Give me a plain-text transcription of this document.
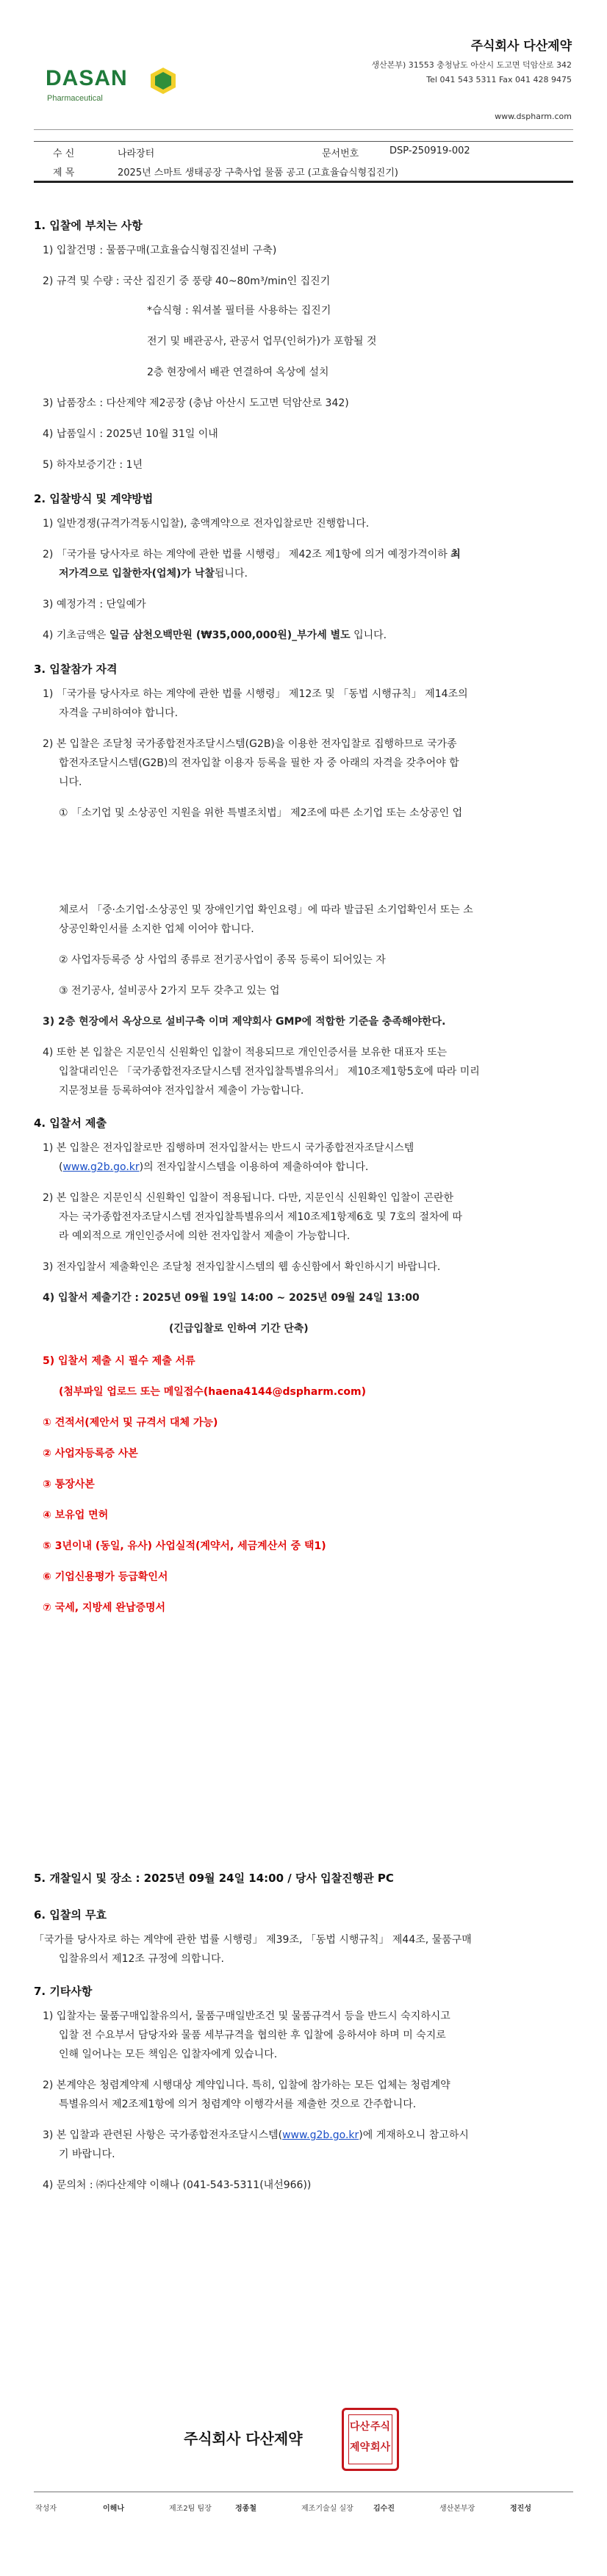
DASAN
Pharmaceutical
주식회사 다산제약
생산본부) 31553 충청남도 아산시 도고면 덕암산로 342
Tel 041 543 5311 Fax 041 428 9475
www.dspharm.com
수 신	나라장터	문서번호	DSP-250919-002
제 목	2025년 스마트 생태공장 구축사업 물품 공고 (고효율습식형집진기)
1. 입찰에 부치는 사항
1) 입찰건명 : 물품구매(고효율습식형집진설비 구축)
2) 규격 및 수량 : 국산 집진기 중 풍량 40~80m³/min인 집진기
*습식형 : 워셔볼 필터를 사용하는 집진기
전기 및 배관공사, 관공서 업무(인허가)가 포함될 것
2층 현장에서 배관 연결하여 옥상에 설치
3) 납품장소 : 다산제약 제2공장 (충남 아산시 도고면 덕암산로 342)
4) 납품일시 : 2025년 10월 31일 이내
5) 하자보증기간 : 1년
2. 입찰방식 및 계약방법
1) 일반경쟁(규격가격동시입찰), 총액계약으로 전자입찰로만 진행합니다.
2) 「국가를 당사자로 하는 계약에 관한 법률 시행령」 제42조 제1항에 의거 예정가격이하 최
저가격으로 입찰한자(업체)가 낙찰됩니다.
3) 예정가격 : 단일예가
4) 기초금액은 일금 삼천오백만원 (₩35,000,000원)_부가세 별도 입니다.
3. 입찰참가 자격
1) 「국가를 당사자로 하는 계약에 관한 법률 시행령」 제12조 및 「동법 시행규칙」 제14조의
자격을 구비하여야 합니다.
2) 본 입찰은 조달청 국가종합전자조달시스템(G2B)을 이용한 전자입찰로 집행하므로 국가종
합전자조달시스템(G2B)의 전자입찰 이용자 등록을 필한 자 중 아래의 자격을 갖추어야 합
니다.
① 「소기업 및 소상공인 지원을 위한 특별조치법」 제2조에 따른 소기업 또는 소상공인 업
체로서 「중·소기업·소상공인 및 장애인기업 확인요령」에 따라 발급된 소기업확인서 또는 소
상공인확인서를 소지한 업체 이어야 합니다.
② 사업자등록증 상 사업의 종류로 전기공사업이 종목 등록이 되어있는 자
③ 전기공사, 설비공사 2가지 모두 갖추고 있는 업
3) 2층 현장에서 옥상으로 설비구축 이며 제약회사 GMP에 적합한 기준을 충족해야한다.
4) 또한 본 입찰은 지문인식 신원확인 입찰이 적용되므로 개인인증서를 보유한 대표자 또는
입찰대리인은 「국가종합전자조달시스템 전자입찰특별유의서」 제10조제1항5호에 따라 미리
지문정보를 등록하여야 전자입찰서 제출이 가능합니다.
4. 입찰서 제출
1) 본 입찰은 전자입찰로만 집행하며 전자입찰서는 반드시 국가종합전자조달시스템
(www.g2b.go.kr)의 전자입찰시스템을 이용하여 제출하여야 합니다.
2) 본 입찰은 지문인식 신원확인 입찰이 적용됩니다. 다만, 지문인식 신원확인 입찰이 곤란한
자는 국가종합전자조달시스템 전자입찰특별유의서 제10조제1항제6호 및 7호의 절차에 따
라 예외적으로 개인인증서에 의한 전자입찰서 제출이 가능합니다.
3) 전자입찰서 제출확인은 조달청 전자입찰시스템의 웹 송신함에서 확인하시기 바랍니다.
4) 입찰서 제출기간 : 2025년 09월 19일 14:00 ~ 2025년 09월 24일 13:00
(긴급입찰로 인하여 기간 단축)
5) 입찰서 제출 시 필수 제출 서류
(첨부파일 업로드 또는 메일접수(haena4144@dspharm.com)
① 견적서(제안서 및 규격서 대체 가능)
② 사업자등록증 사본
③ 통장사본
④ 보유업 면허
⑤ 3년이내 (동일, 유사) 사업실적(계약서, 세금계산서 중 택1)
⑥ 기업신용평가 등급확인서
⑦ 국세, 지방세 완납증명서
5. 개찰일시 및 장소 : 2025년 09월 24일 14:00 / 당사 입찰진행관 PC
6. 입찰의 무효
「국가를 당사자로 하는 계약에 관한 법률 시행령」 제39조, 「동법 시행규칙」 제44조, 물품구매
입찰유의서 제12조 규정에 의합니다.
7. 기타사항
1) 입찰자는 물품구매입찰유의서, 물품구매일반조건 및 물품규격서 등을 반드시 숙지하시고
입찰 전 수요부서 담당자와 물품 세부규격을 협의한 후 입찰에 응하셔야 하며 미 숙지로
인해 일어나는 모든 책임은 입찰자에게 있습니다.
2) 본계약은 청렴계약제 시행대상 계약입니다. 특히, 입찰에 참가하는 모든 업체는 청렴계약
특별유의서 제2조제1항에 의거 청렴계약 이행각서를 제출한 것으로 간주합니다.
3) 본 입찰과 관련된 사항은 국가종합전자조달시스템(www.g2b.go.kr)에 게재하오니 참고하시
기 바랍니다.
4) 문의처 : ㈜다산제약 이해나 (041-543-5311(내선966))
주식회사 다산제약
주식
회사
다산
제약
작성자	이해나	제조2팀 팀장	정종철	제조기술실 실장	김수진	생산본부장	정진성
